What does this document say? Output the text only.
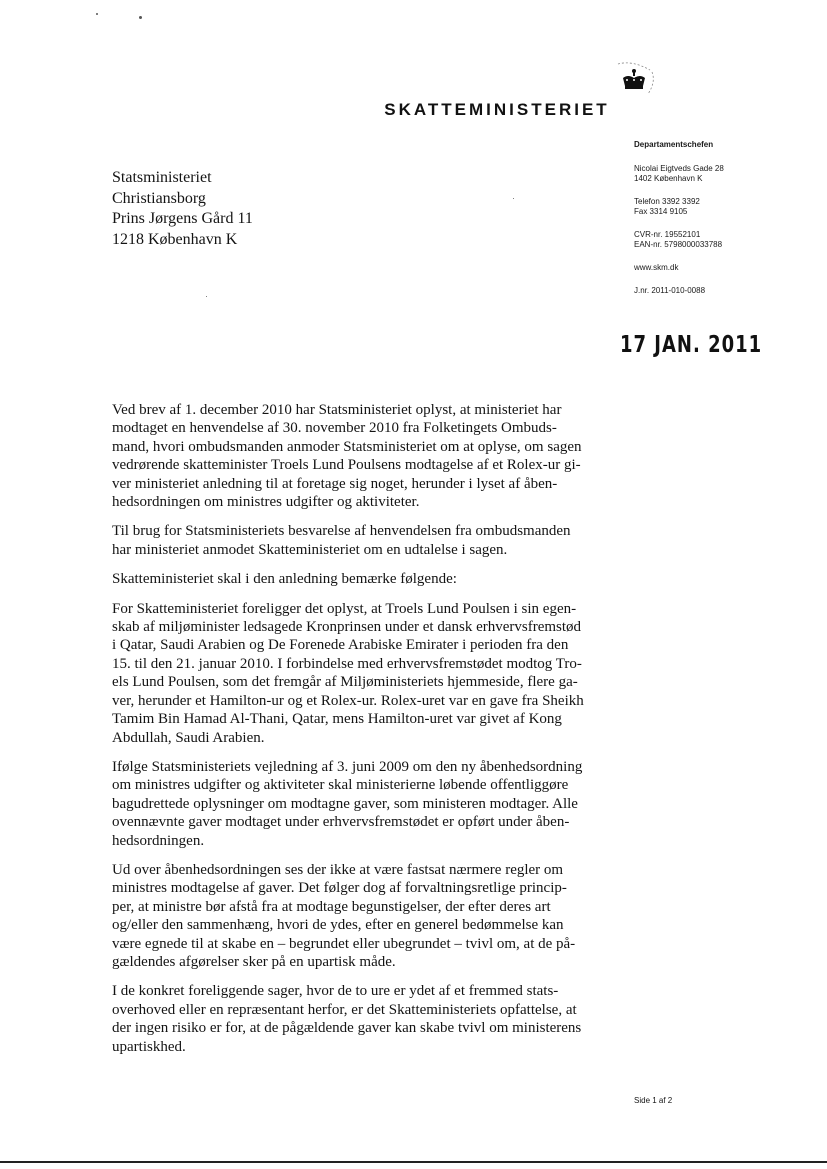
SKATTEMINISTERIET
Statsministeriet
Christiansborg
Prins Jørgens Gård 11
1218 København K
Departamentschefen
Nicolai Eigtveds Gade 28
1402 København K
Telefon 3392 3392
Fax 3314 9105
CVR-nr. 19552101
EAN-nr. 5798000033788
www.skm.dk
J.nr. 2011-010-0088
17 JAN. 2011

Ved brev af 1. december 2010 har Statsministeriet oplyst, at ministeriet har
modtaget en henvendelse af 30. november 2010 fra Folketingets Ombuds-
mand, hvori ombudsmanden anmoder Statsministeriet om at oplyse, om sagen
vedrørende skatteminister Troels Lund Poulsens modtagelse af et Rolex-ur gi-
ver ministeriet anledning til at foretage sig noget, herunder i lyset af åben-
hedsordningen om ministres udgifter og aktiviteter.

Til brug for Statsministeriets besvarelse af henvendelsen fra ombudsmanden
har ministeriet anmodet Skatteministeriet om en udtalelse i sagen.

Skatteministeriet skal i den anledning bemærke følgende:

For Skatteministeriet foreligger det oplyst, at Troels Lund Poulsen i sin egen-
skab af miljøminister ledsagede Kronprinsen under et dansk erhvervsfremstød
i Qatar, Saudi Arabien og De Forenede Arabiske Emirater i perioden fra den
15. til den 21. januar 2010. I forbindelse med erhvervsfremstødet modtog Tro-
els Lund Poulsen, som det fremgår af Miljøministeriets hjemmeside, flere ga-
ver, herunder et Hamilton-ur og et Rolex-ur. Rolex-uret var en gave fra Sheikh
Tamim Bin Hamad Al-Thani, Qatar, mens Hamilton-uret var givet af Kong
Abdullah, Saudi Arabien.

Ifølge Statsministeriets vejledning af 3. juni 2009 om den ny åbenhedsordning
om ministres udgifter og aktiviteter skal ministerierne løbende offentliggøre
bagudrettede oplysninger om modtagne gaver, som ministeren modtager. Alle
ovennævnte gaver modtaget under erhvervsfremstødet er opført under åben-
hedsordningen.

Ud over åbenhedsordningen ses der ikke at være fastsat nærmere regler om
ministres modtagelse af gaver. Det følger dog af forvaltningsretlige princip-
per, at ministre bør afstå fra at modtage begunstigelser, der efter deres art
og/eller den sammenhæng, hvori de ydes, efter en generel bedømmelse kan
være egnede til at skabe en – begrundet eller ubegrundet – tvivl om, at de på-
gældendes afgørelser sker på en upartisk måde.

I de konkret foreliggende sager, hvor de to ure er ydet af et fremmed stats-
overhoved eller en repræsentant herfor, er det Skatteministeriets opfattelse, at
der ingen risiko er for, at de pågældende gaver kan skabe tvivl om ministerens
upartiskhed.

Side 1 af 2
